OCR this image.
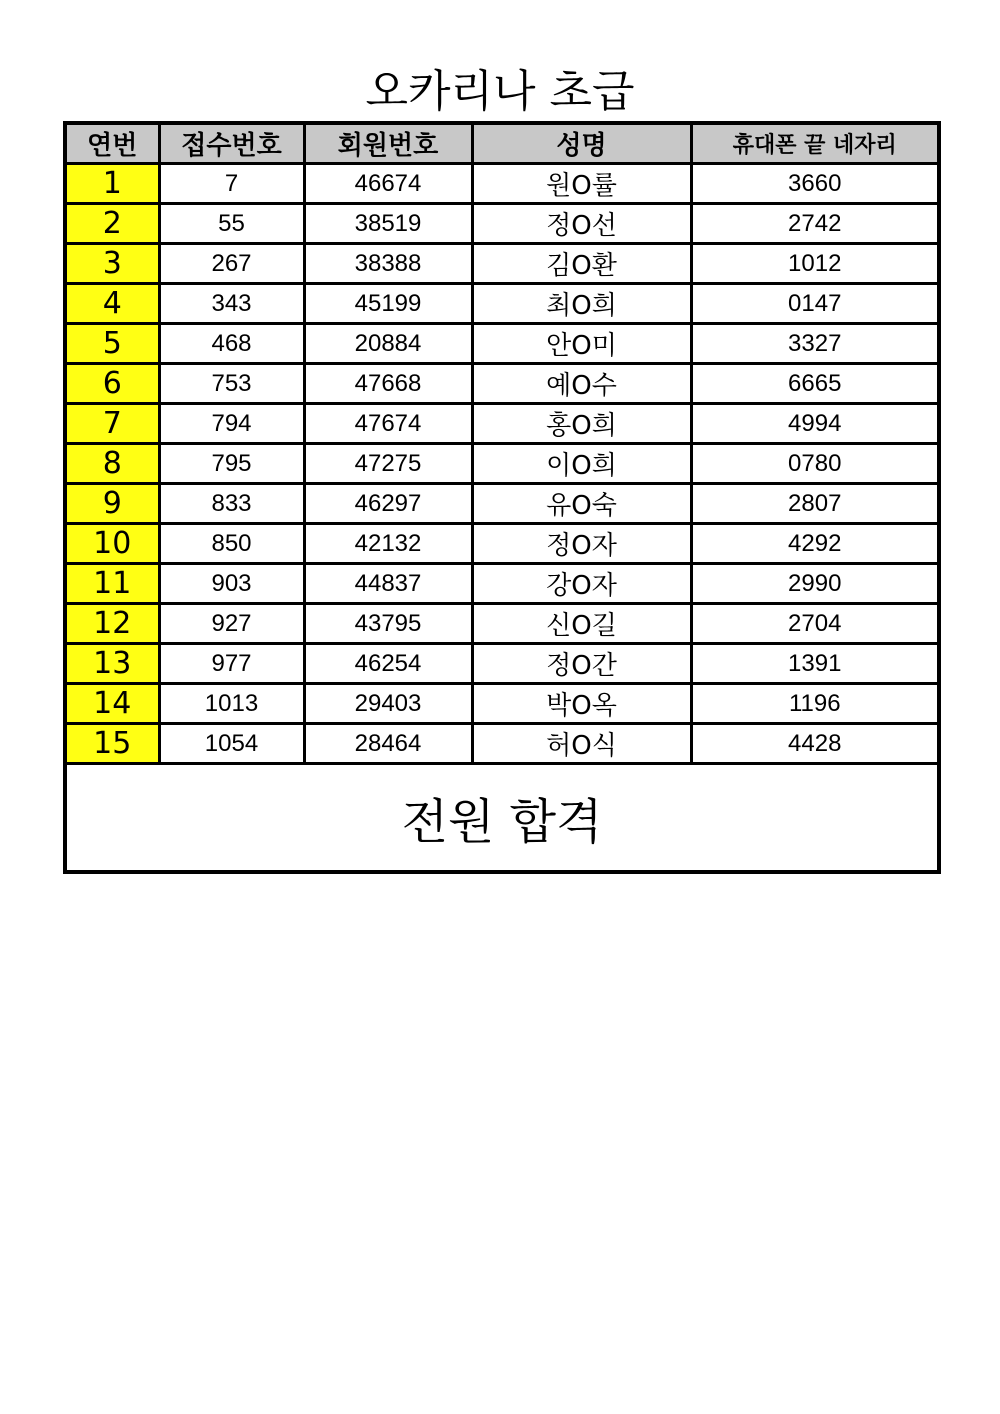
오카리나 초급
연번	접수번호	회원번호	성명	휴대폰 끝 네자리
1	7	46674	원O률	3660
2	55	38519	정O선	2742
3	267	38388	김O환	1012
4	343	45199	최O희	0147
5	468	20884	안O미	3327
6	753	47668	예O수	6665
7	794	47674	홍O희	4994
8	795	47275	이O희	0780
9	833	46297	유O숙	2807
10	850	42132	정O자	4292
11	903	44837	강O자	2990
12	927	43795	신O길	2704
13	977	46254	정O간	1391
14	1013	29403	박O옥	1196
15	1054	28464	허O식	4428
전원 합격				
